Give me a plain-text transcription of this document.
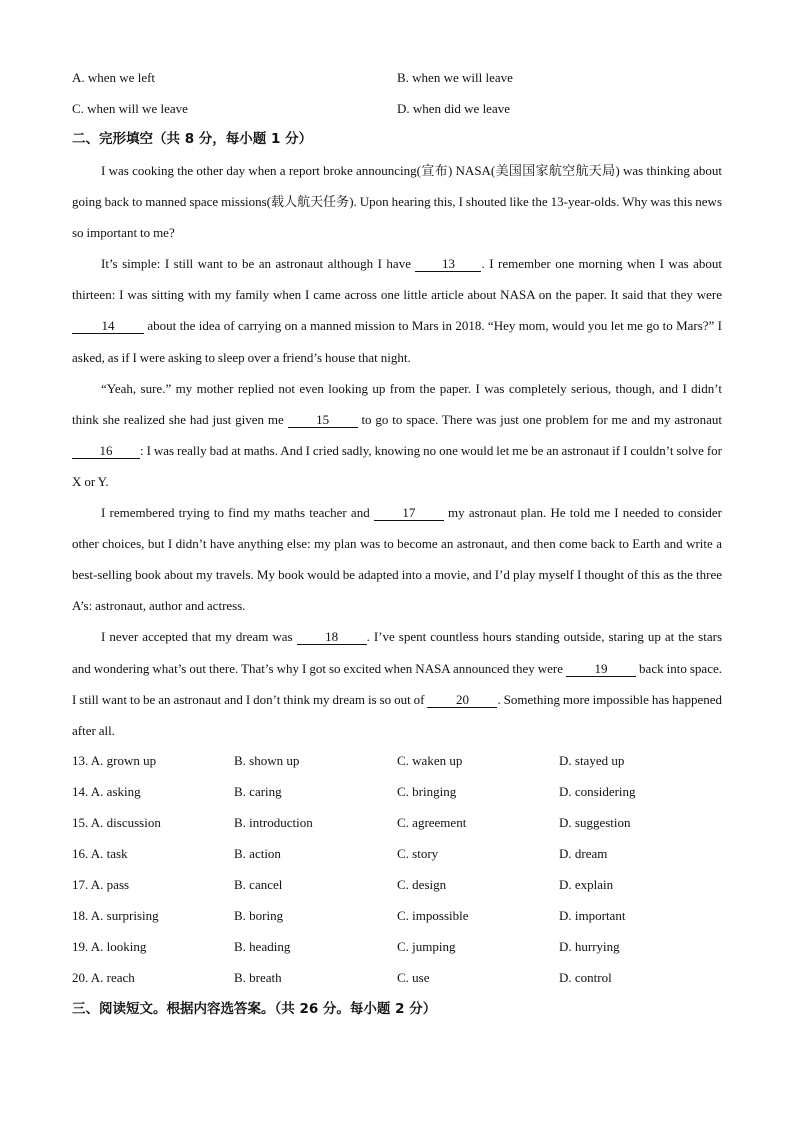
A. when we left	B. when we will leave
C. when will we leave	D. when did we leave
二、完形填空（共 8 分，每小题 1 分）

I was cooking the other day when a report broke announcing(宣布) NASA(美国国家航空航天局) was thinking about going back to manned space missions(载人航天任务). Upon hearing this, I shouted like the 13-year-olds. Why was this news so important to me?

It’s simple: I still want to be an astronaut although I have 13 . I remember one morning when I was about thirteen: I was sitting with my family when I came across one little article about NASA on the paper. It said that they were 14 about the idea of carrying on a manned mission to Mars in 2018. “Hey mom, would you let me go to Mars?” I asked, as if I were asking to sleep over a friend’s house that night.

“Yeah, sure.” my mother replied not even looking up from the paper. I was completely serious, though, and I didn’t think she realized she had just given me 15 to go to space. There was just one problem for me and my astronaut 16 : I was really bad at maths. And I cried sadly, knowing no one would let me be an astronaut if I couldn’t solve for X or Y.

I remembered trying to find my maths teacher and 17 my astronaut plan. He told me I needed to consider other choices, but I didn’t have anything else: my plan was to become an astronaut, and then come back to Earth and write a best-selling book about my travels. My book would be adapted into a movie, and I’d play myself I thought of this as the three A’s: astronaut, author and actress.

I never accepted that my dream was 18 . I’ve spent countless hours standing outside, staring up at the stars and wondering what’s out there. That’s why I got so excited when NASA announced they were 19 back into space. I still want to be an astronaut and I don’t think my dream is so out of 20 . Something more impossible has happened after all.

13. A. grown up	B. shown up	C. waken up	D. stayed up
14. A. asking	B. caring	C. bringing	D. considering
15. A. discussion	B. introduction	C. agreement	D. suggestion
16. A. task	B. action	C. story	D. dream
17. A. pass	B. cancel	C. design	D. explain
18. A. surprising	B. boring	C. impossible	D. important
19. A. looking	B. heading	C. jumping	D. hurrying
20. A. reach	B. breath	C. use	D. control
三、阅读短文。根据内容选答案。（共 26 分。每小题 2 分）
